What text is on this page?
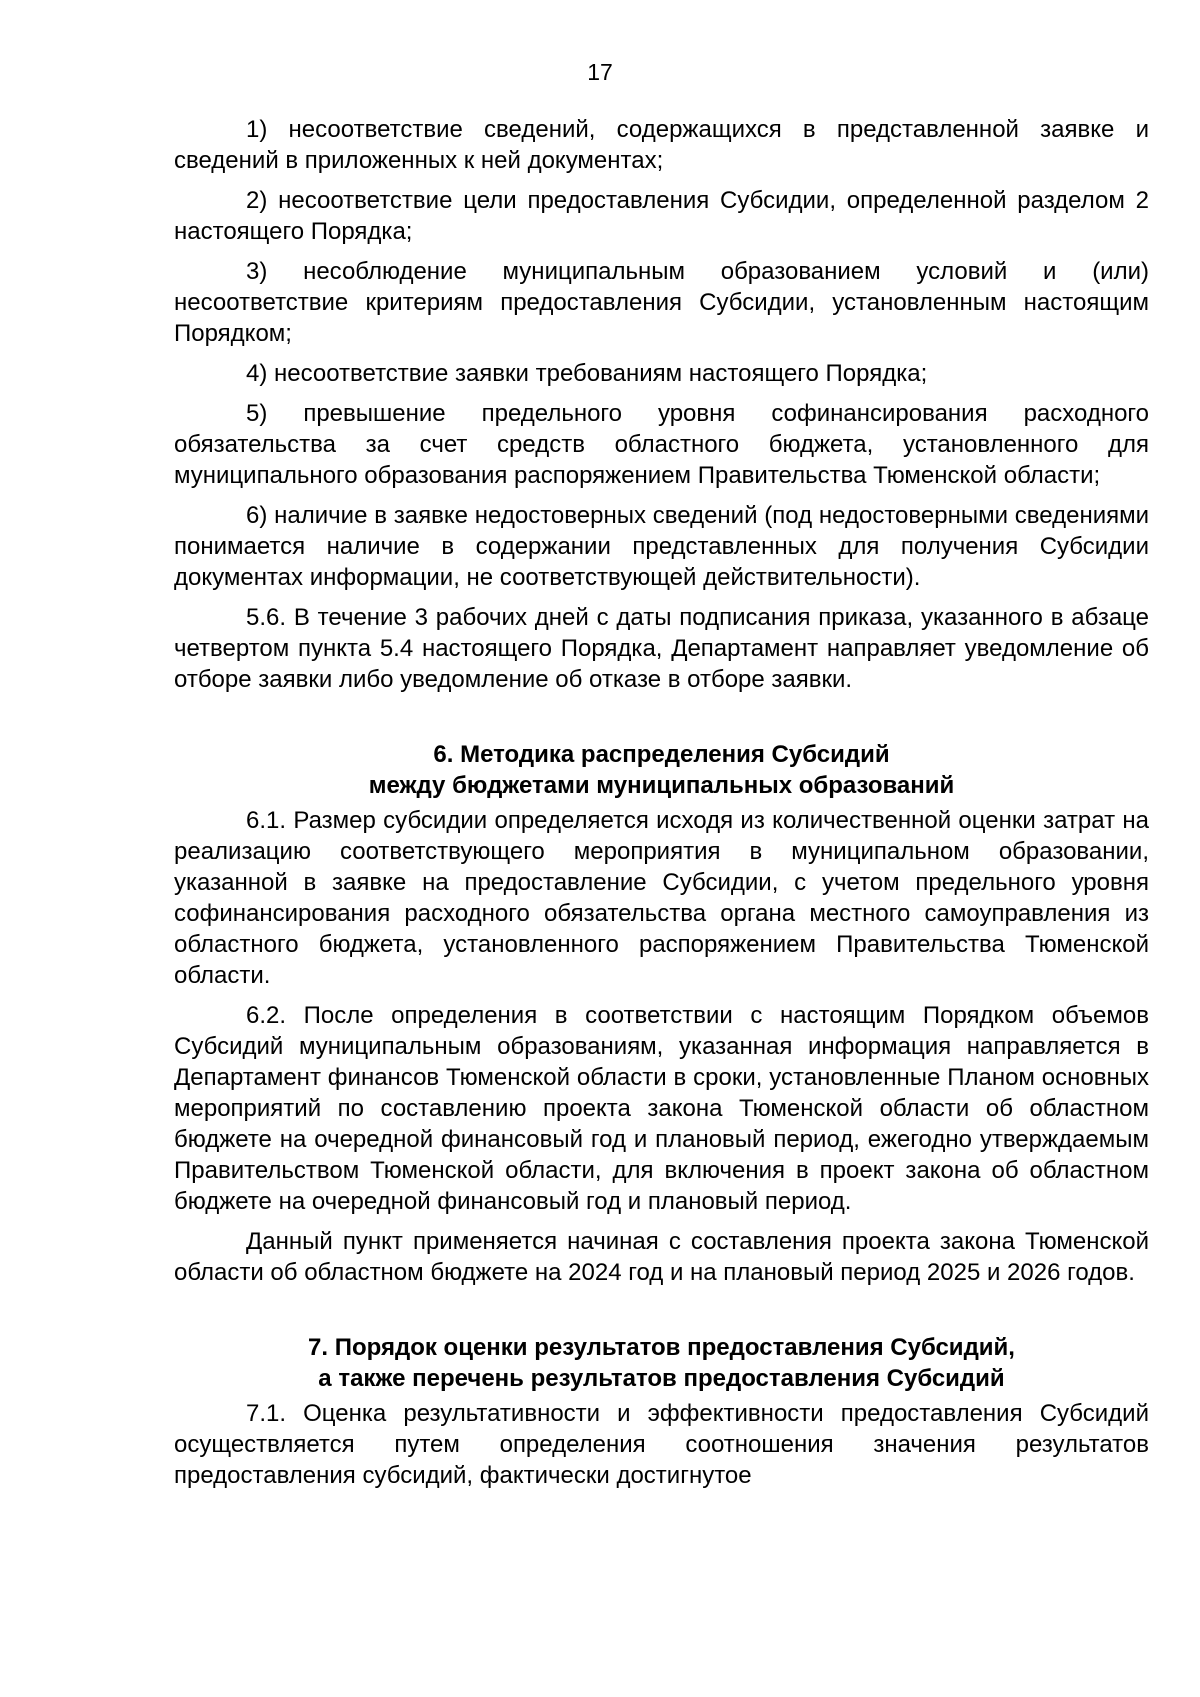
17

1) несоответствие сведений, содержащихся в представленной заявке и сведений в приложенных к ней документах;

2) несоответствие цели предоставления Субсидии, определенной разделом 2 настоящего Порядка;

3) несоблюдение муниципальным образованием условий и (или) несоответствие критериям предоставления Субсидии, установленным настоящим Порядком;

4) несоответствие заявки требованиям настоящего Порядка;

5) превышение предельного уровня софинансирования расходного обязательства за счет средств областного бюджета, установленного для муниципального образования распоряжением Правительства Тюменской области;

6) наличие в заявке недостоверных сведений (под недостоверными сведениями понимается наличие в содержании представленных для получения Субсидии документах информации, не соответствующей действительности).

5.6. В течение 3 рабочих дней с даты подписания приказа, указанного в абзаце четвертом пункта 5.4 настоящего Порядка, Департамент направляет уведомление об отборе заявки либо уведомление об отказе в отборе заявки.

6. Методика распределения Субсидий

между бюджетами муниципальных образований

6.1. Размер субсидии определяется исходя из количественной оценки затрат на реализацию соответствующего мероприятия в муниципальном образовании, указанной в заявке на предоставление Субсидии, с учетом предельного уровня софинансирования расходного обязательства органа местного самоуправления из областного бюджета, установленного распоряжением Правительства Тюменской области.

6.2. После определения в соответствии с настоящим Порядком объемов Субсидий муниципальным образованиям, указанная информация направляется в Департамент финансов Тюменской области в сроки, установленные Планом основных мероприятий по составлению проекта закона Тюменской области об областном бюджете на очередной финансовый год и плановый период, ежегодно утверждаемым Правительством Тюменской области, для включения в проект закона об областном бюджете на очередной финансовый год и плановый период.

Данный пункт применяется начиная с составления проекта закона Тюменской области об областном бюджете на 2024 год и на плановый период 2025 и 2026 годов.

7. Порядок оценки результатов предоставления Субсидий,

а также перечень результатов предоставления Субсидий

7.1. Оценка результативности и эффективности предоставления Субсидий осуществляется путем определения соотношения значения результатов предоставления субсидий, фактически достигнутое
